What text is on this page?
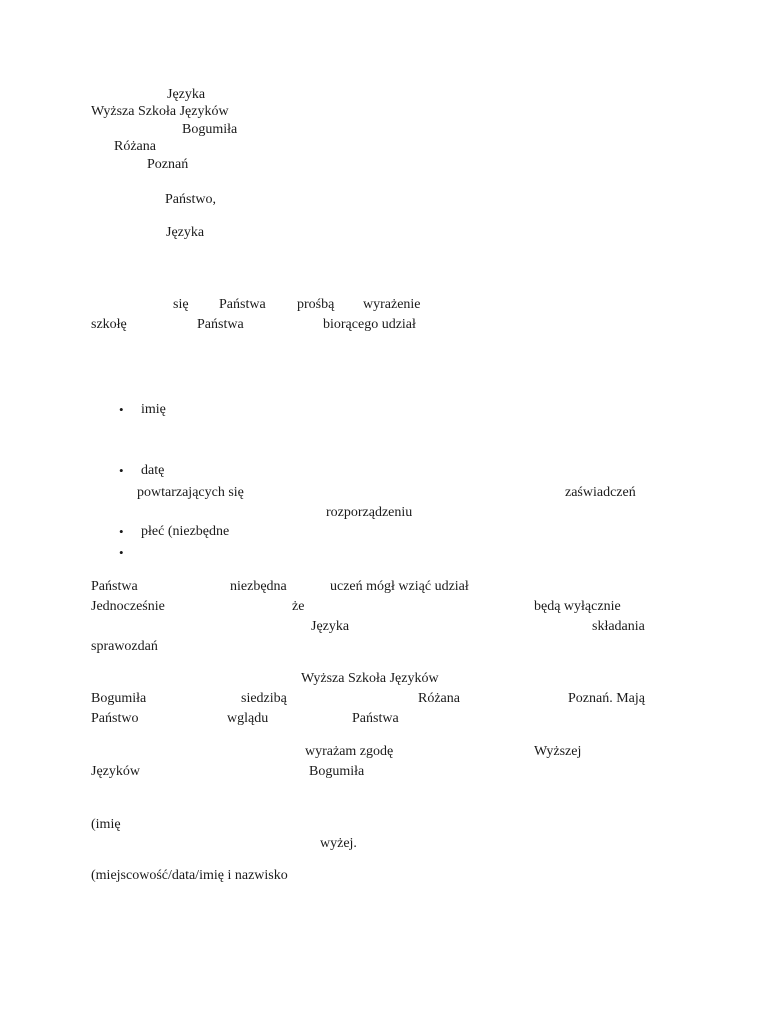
Języka
Wyższa Szkoła Języków
Bogumiła
Różana
Poznań
Państwo,
Języka
się Państwa prośbą wyrażenie
szkołę	Państwa	biorącego udział
• imię
• datę
powtarzających się	zaświadczeń
rozporządzeniu
• płeć (niezbędne
•
Państwa	niezbędna	uczeń mógł wziąć udział
Jednocześnie	że	będą wyłącznie
Języka	składania
sprawozdań
Wyższa Szkoła Języków
Bogumiła	siedzibą	Różana	Poznań. Mają
Państwo	wglądu	Państwa
wyrażam zgodę	Wyższej
Języków	Bogumiła
(imię
wyżej.
(miejscowość/data/imię i nazwisko
